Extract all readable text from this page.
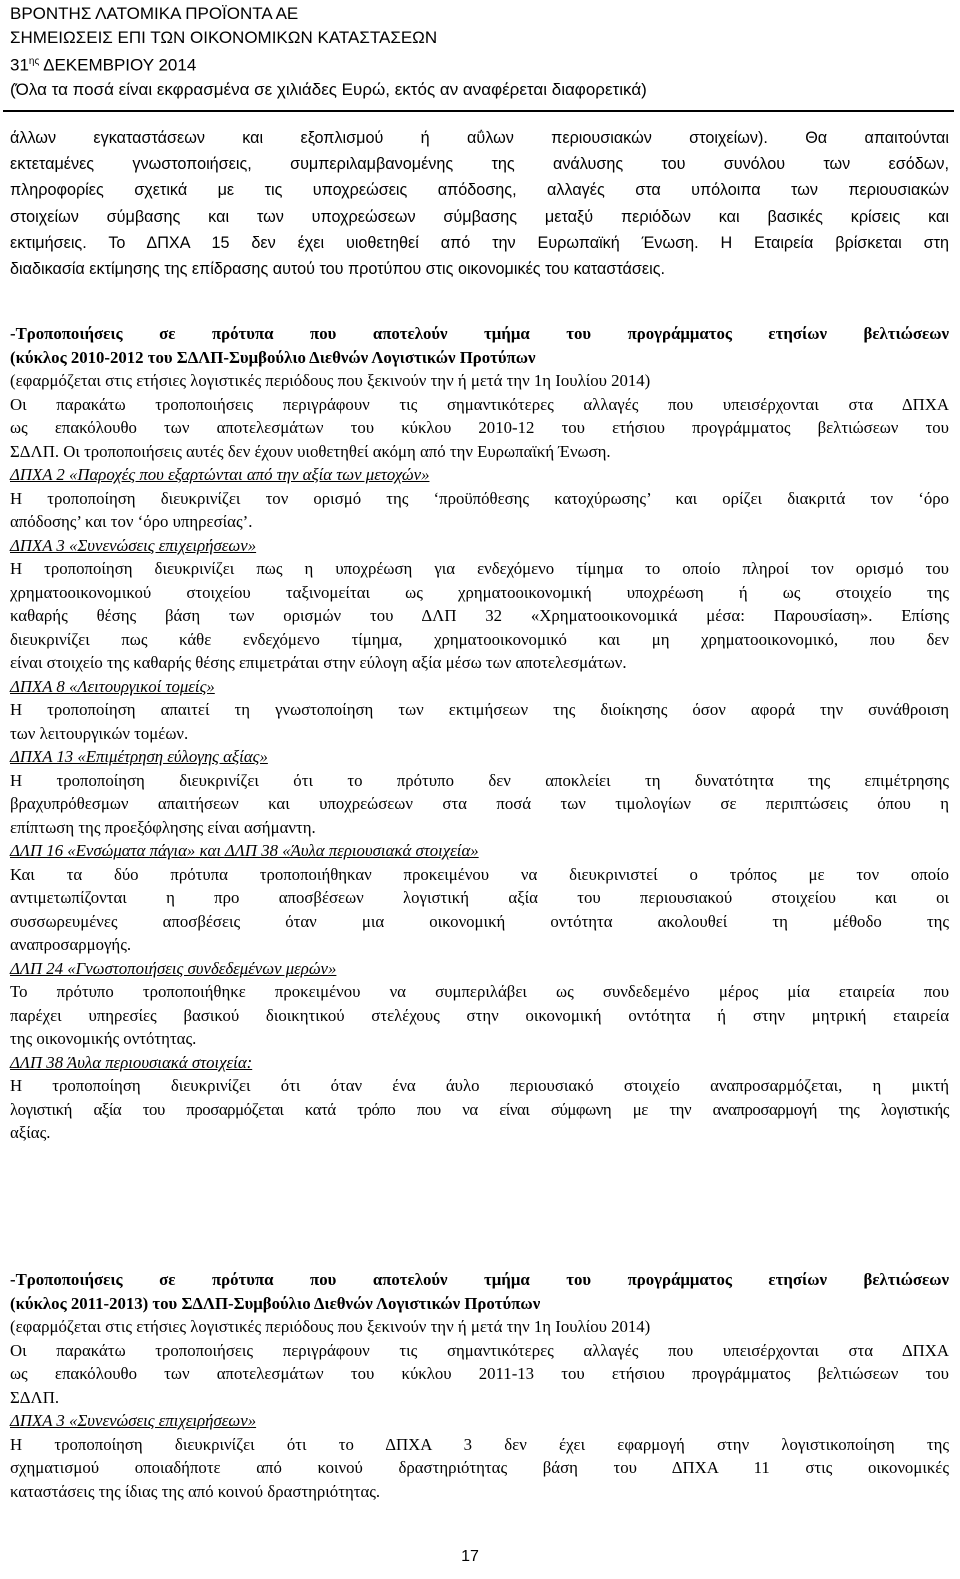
ΒΡΟΝΤΗΣ ΛΑΤΟΜΙΚΑ ΠΡΟΪΟΝΤΑ ΑΕ
ΣΗΜΕΙΩΣΕΙΣ ΕΠΙ ΤΩΝ ΟΙΚΟΝΟΜΙΚΩΝ ΚΑΤΑΣΤΑΣΕΩΝ
$31^{\eta\varsigma}$ ΔΕΚΕΜΒΡΙΟΥ 2014
(Όλα τα ποσά είναι εκφρασμένα σε χιλιάδες Ευρώ, εκτός αν αναφέρεται διαφορετικά)
άλλων εγκαταστάσεων και εξοπλισμού ή αΰλων περιουσιακών στοιχείων). Θα απαιτούνται
εκτεταμένες γνωστοποιήσεις, συμπεριλαμβανομένης της ανάλυσης του συνόλου των εσόδων,
πληροφορίες σχετικά με τις υποχρεώσεις απόδοσης, αλλαγές στα υπόλοιπα των περιουσιακών
στοιχείων σύμβασης και των υποχρεώσεων σύμβασης μεταξύ περιόδων και βασικές κρίσεις και
εκτιμήσεις. Το ΔΠΧΑ 15 δεν έχει υιοθετηθεί από την Ευρωπαϊκή Ένωση. Η Εταιρεία βρίσκεται στη
διαδικασία εκτίμησης της επίδρασης αυτού του προτύπου στις οικονομικές του καταστάσεις.
-Τροποποιήσεις σε πρότυπα που αποτελούν τμήμα του προγράμματος ετησίων βελτιώσεων
(κύκλος 2010-2012 του ΣΔΛΠ-Συμβούλιο Διεθνών Λογιστικών Προτύπων
(εφαρμόζεται στις ετήσιες λογιστικές περιόδους που ξεκινούν την ή μετά την 1η Ιουλίου 2014)
Οι παρακάτω τροποποιήσεις περιγράφουν τις σημαντικότερες αλλαγές που υπεισέρχονται στα ΔΠΧΑ
ως επακόλουθο των αποτελεσμάτων του κύκλου 2010-12 του ετήσιου προγράμματος βελτιώσεων του
ΣΔΛΠ. Οι τροποποιήσεις αυτές δεν έχουν υιοθετηθεί ακόμη από την Ευρωπαϊκή Ένωση.
ΔΠΧΑ 2 «Παροχές που εξαρτώνται από την αξία των μετοχών»
Η τροποποίηση διευκρινίζει τον ορισμό της ‘προϋπόθεσης κατοχύρωσης’ και ορίζει διακριτά τον ‘όρο
απόδοσης’ και τον ‘όρο υπηρεσίας’.
ΔΠΧΑ 3 «Συνενώσεις επιχειρήσεων»
Η τροποποίηση διευκρινίζει πως η υποχρέωση για ενδεχόμενο τίμημα το οποίο πληροί τον ορισμό του
χρηματοοικονομικού στοιχείου ταξινομείται ως χρηματοοικονομική υποχρέωση ή ως στοιχείο της
καθαρής θέσης βάση των ορισμών του ΔΛΠ 32 «Χρηματοοικονομικά μέσα: Παρουσίαση». Επίσης
διευκρινίζει πως κάθε ενδεχόμενο τίμημα, χρηματοοικονομικό και μη χρηματοοικονομικό, που δεν
είναι στοιχείο της καθαρής θέσης επιμετράται στην εύλογη αξία μέσω των αποτελεσμάτων.
ΔΠΧΑ 8 «Λειτουργικοί τομείς»
Η τροποποίηση απαιτεί τη γνωστοποίηση των εκτιμήσεων της διοίκησης όσον αφορά την συνάθροιση
των λειτουργικών τομέων.
ΔΠΧΑ 13 «Επιμέτρηση εύλογης αξίας»
Η τροποποίηση διευκρινίζει ότι το πρότυπο δεν αποκλείει τη δυνατότητα της επιμέτρησης
βραχυπρόθεσμων απαιτήσεων και υποχρεώσεων στα ποσά των τιμολογίων σε περιπτώσεις όπου η
επίπτωση της προεξόφλησης είναι ασήμαντη.
ΔΛΠ 16 «Ενσώματα πάγια» και ΔΛΠ 38 «Άυλα περιουσιακά στοιχεία»
Και τα δύο πρότυπα τροποποιήθηκαν προκειμένου να διευκρινιστεί ο τρόπος με τον οποίο
αντιμετωπίζονται η προ αποσβέσεων λογιστική αξία του περιουσιακού στοιχείου και οι
συσσωρευμένες αποσβέσεις όταν μια οικονομική οντότητα ακολουθεί τη μέθοδο της
αναπροσαρμογής.
ΔΛΠ 24 «Γνωστοποιήσεις συνδεδεμένων μερών»
Το πρότυπο τροποποιήθηκε προκειμένου να συμπεριλάβει ως συνδεδεμένο μέρος μία εταιρεία που
παρέχει υπηρεσίες βασικού διοικητικού στελέχους στην οικονομική οντότητα ή στην μητρική εταιρεία
της οικονομικής οντότητας.
ΔΛΠ 38 Άυλα περιουσιακά στοιχεία:
Η τροποποίηση διευκρινίζει ότι όταν ένα άυλο περιουσιακό στοιχείο αναπροσαρμόζεται, η μικτή
λογιστική αξία του προσαρμόζεται κατά τρόπο που να είναι σύμφωνη με την αναπροσαρμογή της λογιστικής
αξίας.
-Τροποποιήσεις σε πρότυπα που αποτελούν τμήμα του προγράμματος ετησίων βελτιώσεων
(κύκλος 2011-2013) του ΣΔΛΠ-Συμβούλιο Διεθνών Λογιστικών Προτύπων
(εφαρμόζεται στις ετήσιες λογιστικές περιόδους που ξεκινούν την ή μετά την 1η Ιουλίου 2014)
Οι παρακάτω τροποποιήσεις περιγράφουν τις σημαντικότερες αλλαγές που υπεισέρχονται στα ΔΠΧΑ
ως επακόλουθο των αποτελεσμάτων του κύκλου 2011-13 του ετήσιου προγράμματος βελτιώσεων του
ΣΔΛΠ.
ΔΠΧΑ 3 «Συνενώσεις επιχειρήσεων»
Η τροποποίηση διευκρινίζει ότι το ΔΠΧΑ 3 δεν έχει εφαρμογή στην λογιστικοποίηση της
σχηματισμού οποιαδήποτε από κοινού δραστηριότητας βάση του ΔΠΧΑ 11 στις οικονομικές
καταστάσεις της ίδιας της από κοινού δραστηριότητας.
17
